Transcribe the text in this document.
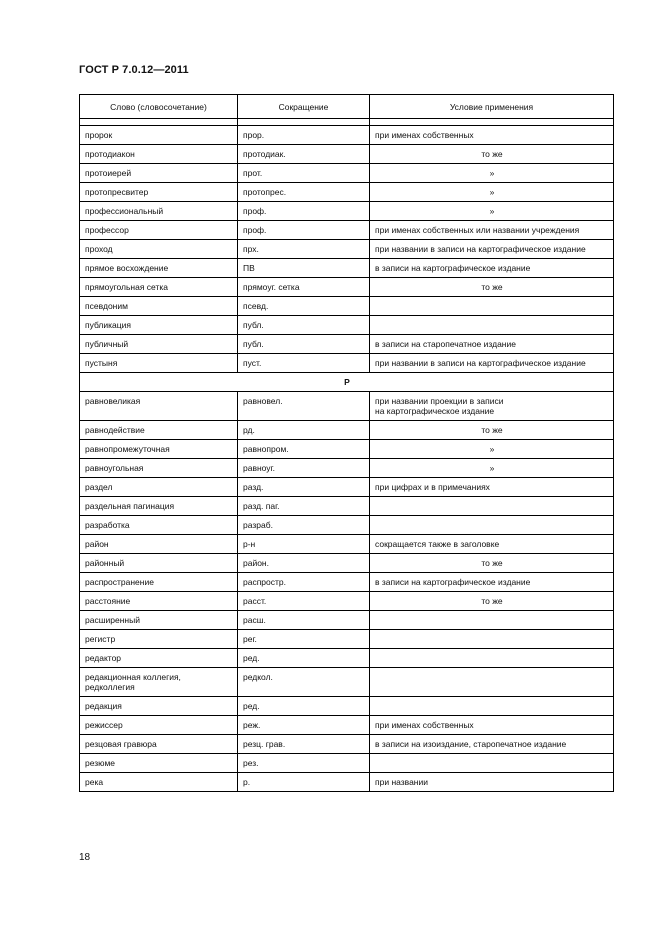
ГОСТ Р 7.0.12—2011
Слово (словосочетание)	Сокращение	Условие применения

пророк	прор.	при именах собственных
протодиакон	протодиак.	то же
протоиерей	прот.	»
протопресвитер	протопрес.	»
профессиональный	проф.	»
профессор	проф.	при именах собственных или названии учреждения
проход	прх.	при названии в записи на картографическое издание
прямое восхождение	ПВ	в записи на картографическое издание
прямоугольная сетка	прямоуг. сетка	то же
псевдоним	псевд.	
публикация	публ.	
публичный	публ.	в записи на старопечатное издание
пустыня	пуст.	при названии в записи на картографическое издание
Р		
равновеликая	равновел.	при названии проекции в записи
на картографическое издание
равнодействие	рд.	то же
равнопромежуточная	равнопром.	»
равноугольная	равноуг.	»
раздел	разд.	при цифрах и в примечаниях
раздельная пагинация	разд. паг.	
разработка	разраб.	
район	р-н	сокращается также в заголовке
районный	район.	то же
распространение	распростр.	в записи на картографическое издание
расстояние	расст.	то же
расширенный	расш.	
регистр	рег.	
редактор	ред.	
редакционная коллегия,
редколлегия	редкол.	
редакция	ред.	
режиссер	реж.	при именах собственных
резцовая гравюра	резц. грав.	в записи на изоиздание, старопечатное издание
резюме	рез.	
река	р.	при названии
18
